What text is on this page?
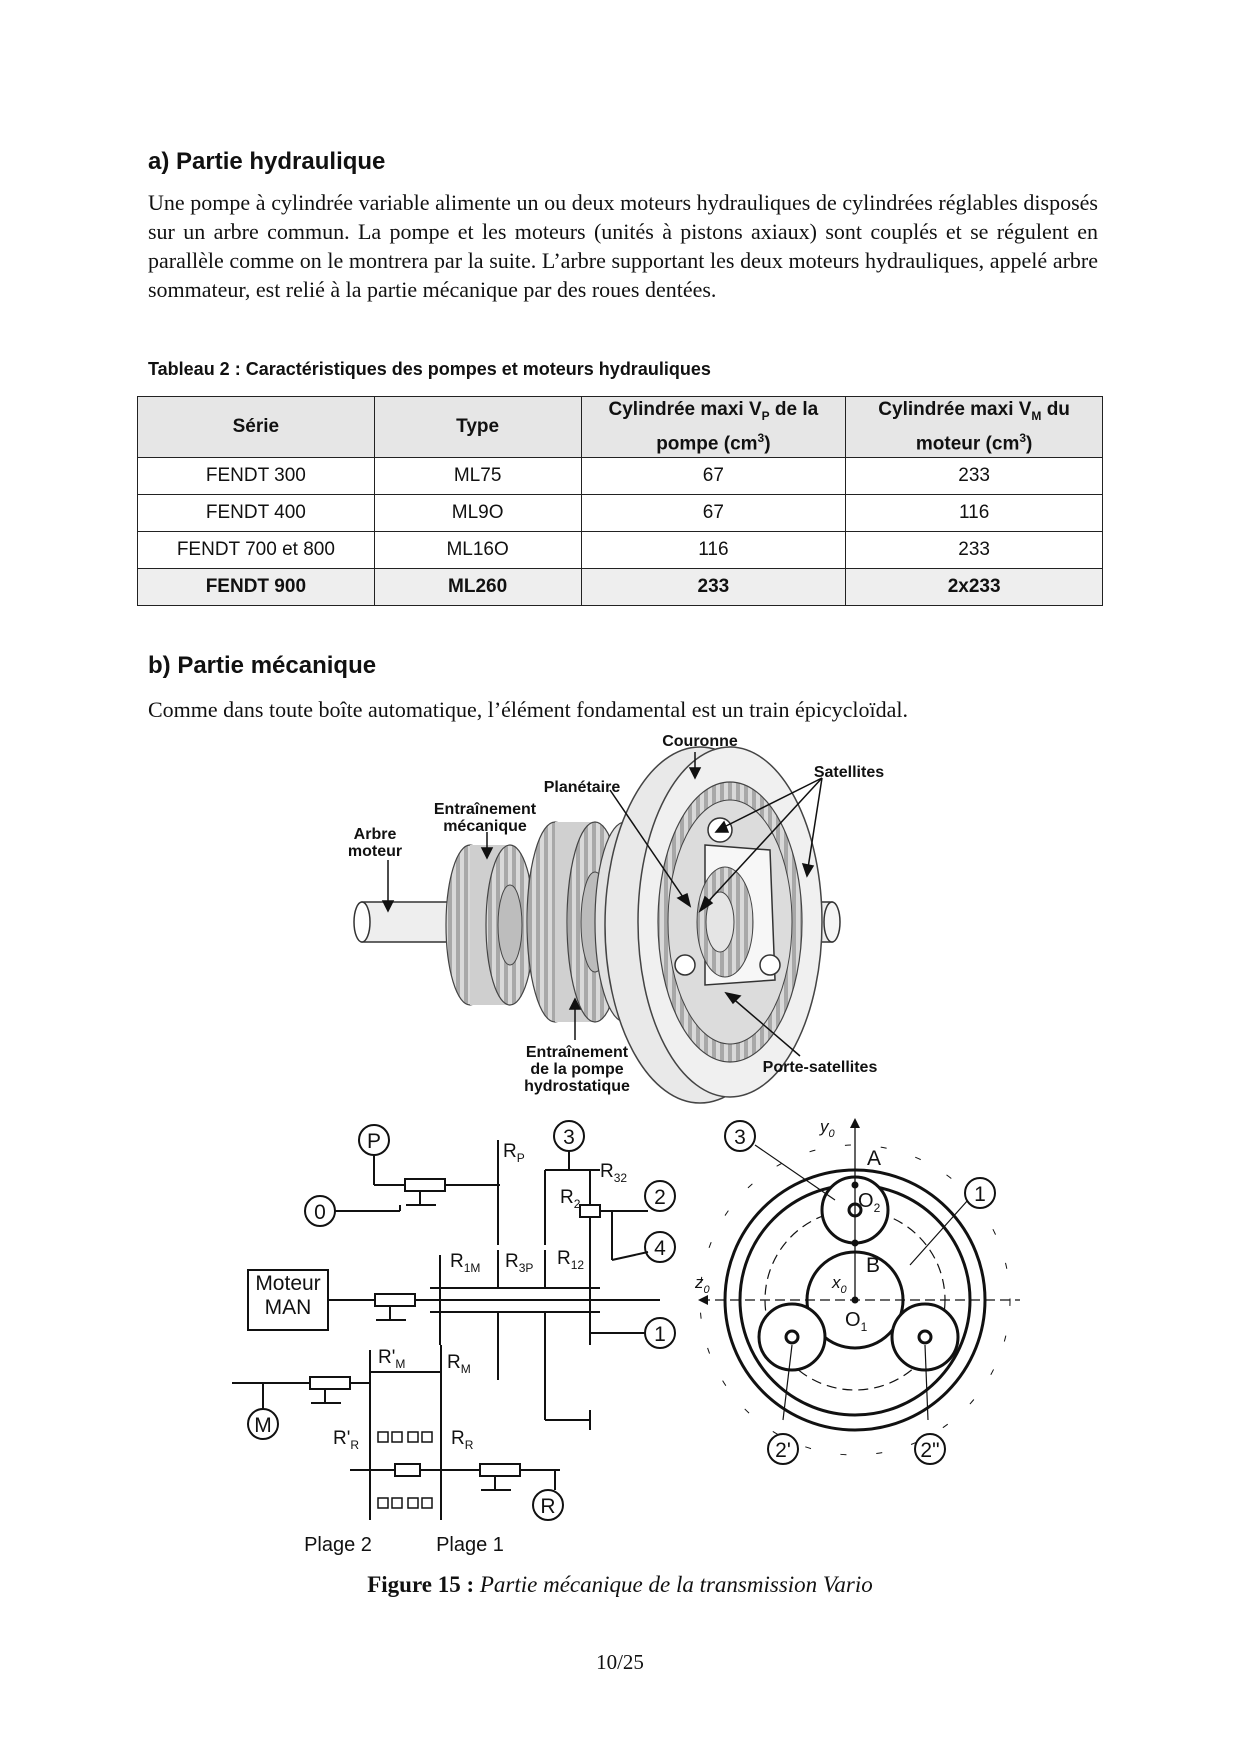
a) Partie hydraulique
Une pompe à cylindrée variable alimente un ou deux moteurs hydrauliques de cylindrées réglables disposés sur un arbre commun. La pompe et les moteurs (unités à pistons axiaux) sont couplés et se régulent en parallèle comme on le montrera par la suite. L’arbre supportant les deux moteurs hydrauliques, appelé arbre sommateur, est relié à la partie mécanique par des roues dentées.
Tableau 2 : Caractéristiques des pompes et moteurs hydrauliques
Série	Type	Cylindrée maxi $V_P$ de la pompe $(cm^3)$	Cylindrée maxi $V_M$ du moteur $(cm^3)$
FENDT 300	ML75	67	233
FENDT 400	ML9O	67	116
FENDT 700 et 800	ML16O	116	233
FENDT 900	ML260	233	2x233
b) Partie mécanique
Comme dans toute boîte automatique, l’élément fondamental est un train épicycloïdal.
Couronne
Satellites
Planétaire
Entraînement
mécanique
Arbre
moteur
Entraînement
de la pompe
hydrostatique
Porte-satellites
P
0
3
2
4
1
M
R
Moteur
MAN
$R_P$
$R_{32}$
$R_2$
$R_{1M}$ $R_{3P}$ $R_{12}$
$R'_M$ $R_M$
$R'_R$	$R_R$
Plage 2	Plage 1
3
1
2'	2"
A
B
$O_2$
$O_1$
$y_0$
$z_0$	$x_0$
Figure 15 : Partie mécanique de la transmission Vario
10/25
